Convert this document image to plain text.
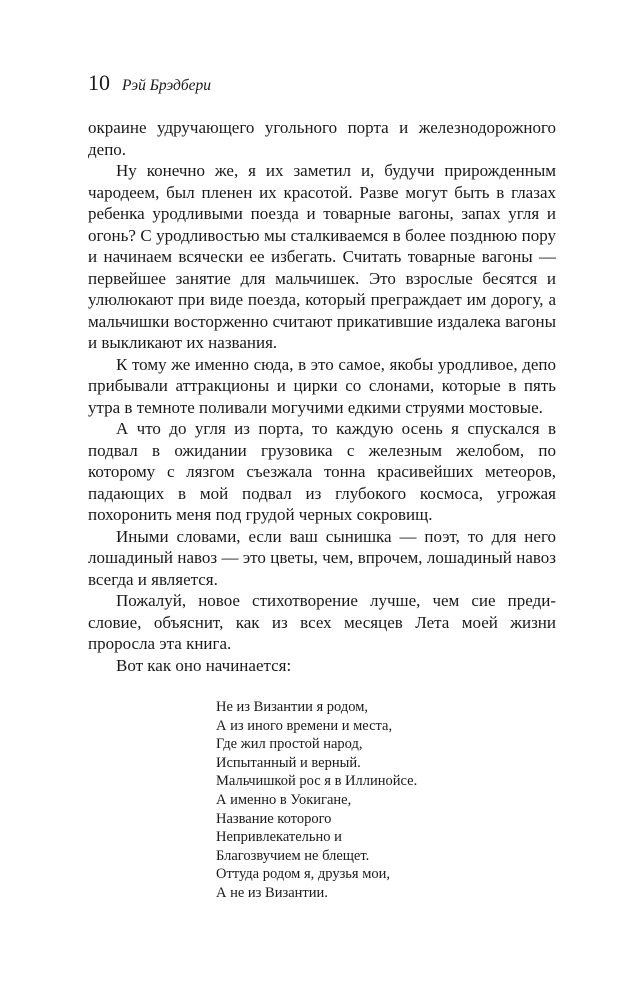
10 Рэй Брэдбери

окраине удручающего угольного порта и железнодорожного депо.

Ну конечно же, я их заметил и, будучи прирожденным чародеем, был пленен их красотой. Разве могут быть в глазах ребенка уродливыми поезда и товарные вагоны, запах угля и огонь? С уродливостью мы сталкиваемся в более позднюю пору и начинаем всячески ее избегать. Считать товарные вагоны — первейшее занятие для мальчишек. Это взрослые бесятся и улюлюкают при виде поезда, который преграждает им дорогу, а мальчишки восторженно считают прикатившие издалека вагоны и выкликают их названия.

К тому же именно сюда, в это самое, якобы уродливое, депо прибывали аттракционы и цирки со слонами, которые в пять утра в темноте поливали могучими едкими струями мостовые.

А что до угля из порта, то каждую осень я спускался в подвал в ожидании грузовика с железным желобом, по которому с лязгом съезжала тонна красивейших метеоров, падающих в мой подвал из глубокого космоса, угрожая похоронить меня под грудой черных сокровищ.

Иными словами, если ваш сынишка — поэт, то для него лошадиный навоз — это цветы, чем, впрочем, лошадиный навоз всегда и является.

Пожалуй, новое стихотворение лучше, чем сие предисловие, объяснит, как из всех месяцев Лета моей жизни проросла эта книга.

Вот как оно начинается:

Не из Византии я родом,
А из иного времени и места,
Где жил простой народ,
Испытанный и верный.
Мальчишкой рос я в Иллинойсе.
А именно в Уокигане,
Название которого
Непривлекательно и
Благозвучием не блещет.
Оттуда родом я, друзья мои,
А не из Византии.
